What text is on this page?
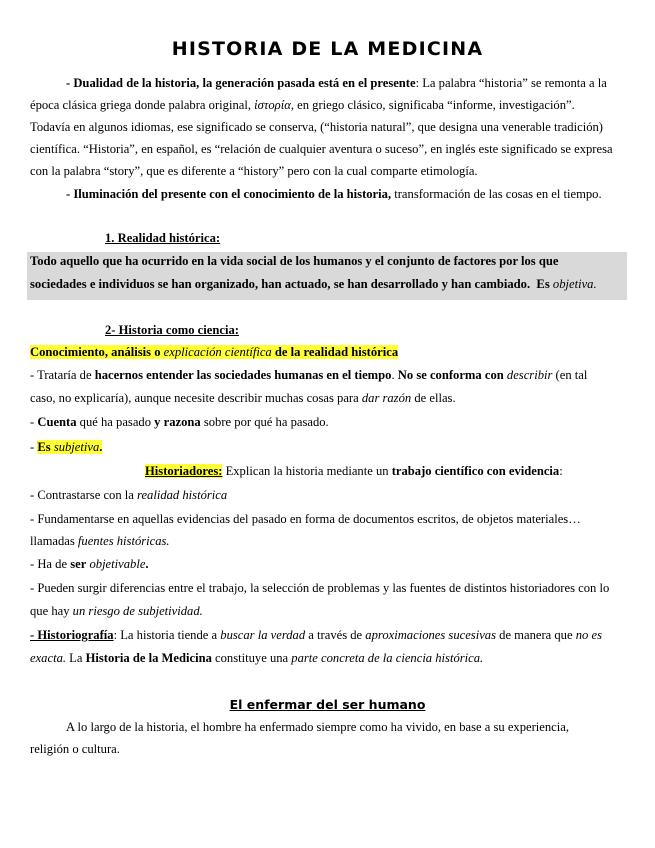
HISTORIA DE LA MEDICINA
- Dualidad de la historia, la generación pasada está en el presente: La palabra “historia” se remonta a la
época clásica griega donde palabra original, ἱστορία, en griego clásico, significaba “informe, investigación”.
Todavía en algunos idiomas, ese significado se conserva, (“historia natural”, que designa una venerable tradición)
científica. “Historia”, en español, es “relación de cualquier aventura o suceso”, en inglés este significado se expresa
con la palabra “story”, que es diferente a “history” pero con la cual comparte etimología.
- Iluminación del presente con el conocimiento de la historia, transformación de las cosas en el tiempo.
1. Realidad histórica:
Todo aquello que ha ocurrido en la vida social de los humanos y el conjunto de factores por los que
sociedades e individuos se han organizado, han actuado, se han desarrollado y han cambiado. Es objetiva.
2- Historia como ciencia:
Conocimiento, análisis o explicación científica de la realidad histórica
- Trataría de hacernos entender las sociedades humanas en el tiempo. No se conforma con describir (en tal
caso, no explicaría), aunque necesite describir muchas cosas para dar razón de ellas.
- Cuenta qué ha pasado y razona sobre por qué ha pasado.
- Es subjetiva.
Historiadores: Explican la historia mediante un trabajo científico con evidencia:
- Contrastarse con la realidad histórica
- Fundamentarse en aquellas evidencias del pasado en forma de documentos escritos, de objetos materiales…
llamadas fuentes históricas.
- Ha de ser objetivable.
- Pueden surgir diferencias entre el trabajo, la selección de problemas y las fuentes de distintos historiadores con lo
que hay un riesgo de subjetividad.
- Historiografía: La historia tiende a buscar la verdad a través de aproximaciones sucesivas de manera que no es
exacta. La Historia de la Medicina constituye una parte concreta de la ciencia histórica.
El enfermar del ser humano
A lo largo de la historia, el hombre ha enfermado siempre como ha vivido, en base a su experiencia,
religión o cultura.
